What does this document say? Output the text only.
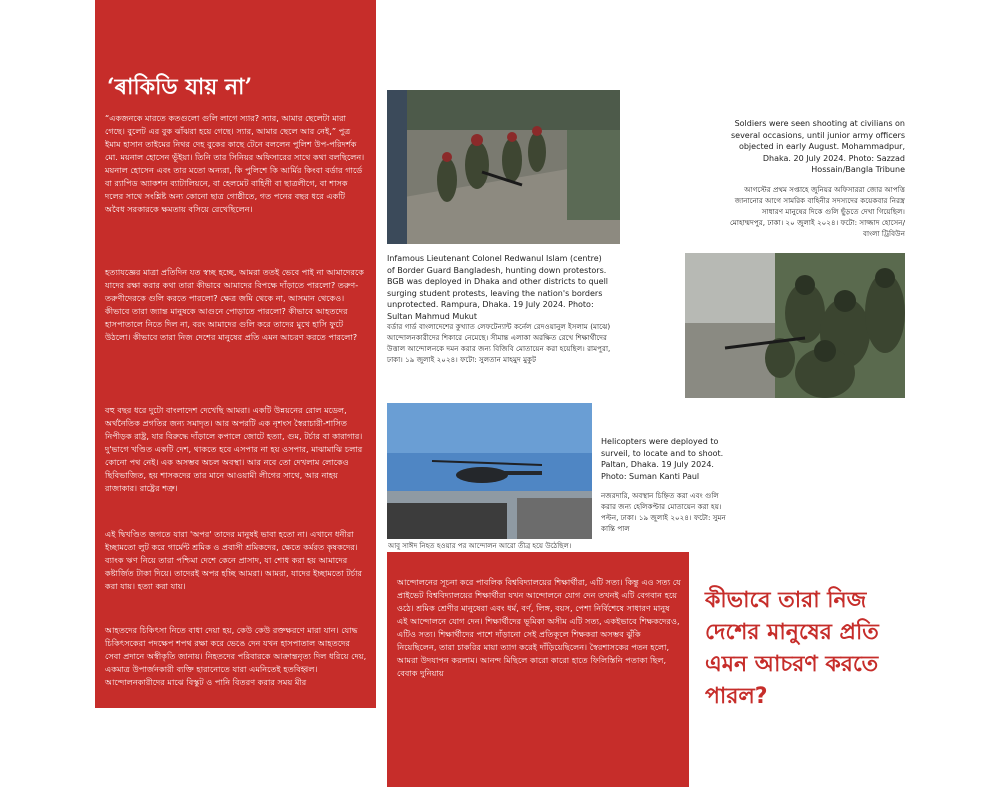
‘ৰাকিডি যায় না’

“একজনকে মারতে কতগুলো গুলি লাগে স্যার? স্যার, আমার ছেলেটা মারা গেছে। বুলেট এর বুক ঝাঁঝরা হয়ে গেছে। স্যার, আমার ছেলে আর নেই,” পুত্র ইমাম হাসান তাইমের নিথর দেহ বুকের কাছে টেনে বললেন পুলিশ উপ-পরিদর্শক মো. ময়নাল হোসেন ভূঁইয়া। তিনি তার সিনিয়র অফিসারের সাথে কথা বলছিলেন। ময়নাল হোসেন এবং তার মতো অন্যরা, কি পুলিশে কি আর্মির কিংবা বর্ডার গার্ডে বা র‍্যাপিড অ্যাকশন ব্যাটালিয়নে, বা হেলমেট বাহিনী বা ছাত্রলীগে, বা শাসক দলের সাথে সংশ্লিষ্ট অন্য কোনো ছাত্র গোষ্ঠীতে, গত পনের বছর ধরে একটি অবৈধ সরকারকে ক্ষমতায় বসিয়ে রেখেছিলেন।

হত্যাযজ্ঞের মাত্রা প্রতিদিন যত স্বচ্ছ হচ্ছে, আমরা ততই ভেবে পাই না আমাদেরকে যাদের রক্ষা করার কথা তারা কীভাবে আমাদের বিপক্ষে দাঁড়াতে পারলো? তরুণ-তরুণীদেরকে গুলি করতে পারলো? ক্ষেত্র জমি থেকে না, আসমান থেকেও। কীভাবে তারা জ্যান্ত মানুষকে আগুনে পোড়াতে পারলো? কীভাবে আহতদের হাসপাতালে নিতে দিল না, বরং আমাদের গুলি করে তাদের মুখে হাসি ফুটে উঠলো। কীভাবে তারা নিজ দেশের মানুষের প্রতি এমন আচরণ করতে পারলো?

বহু বছর ধরে দুটো বাংলাদেশ দেখেছি আমরা। একটি উন্নয়নের রোল মডেল, অর্থনৈতিক প্রগতির জন্য সমাদৃত। আর অপরটি এক নৃশংস স্বৈরাচারী-শাসিত নিপীড়ক রাষ্ট্র, যার বিরুদ্ধে দাঁড়ালে কপালে জোটে হত্যা, গুম, টর্চার বা কারাগার। দু'ভাগে খণ্ডিত একটি দেশ, থাকতে হবে এসপার না হয় ওসপার, মাঝামাঝি চলার কোনো পথ নেই। এক অসম্ভব অচল অবস্থা। আর নবে তো দেখলাম লোকেও ছিবিভাজিত, হয় শাসকদের তার মানে আওয়ামী লীগের সাথে, আর নাহয় রাজাকার। রাষ্ট্রের শত্রু।

এই দ্বিখণ্ডিত জগতে যারা 'অপর' তাদের মানুষই ভাবা হতো না। এখানে ধনীরা ইচ্ছামতো লুট করে গার্মেন্ট শ্রমিক ও প্রবাসী শ্রমিকদের, ক্ষেতে কর্মরত কৃষকদের। ব্যাংক ঋণ নিয়ে তারা পশ্চিমা দেশে কেনে প্রাসাদ, যা শোধ করা হয় আমাদের কষ্টার্জিত টাকা দিয়ে। তাদেরই অপর হচ্ছি আমরা। আমরা, যাদের ইচ্ছামতো টর্চার করা যায়। হত্যা করা যায়।

আহতদের চিকিৎসা নিতে বাধা দেয়া হয়, কেউ কেউ রক্তক্ষরণে মারা যান। যোদ্ধ চিকিৎসকেরা পদক্ষেপ শপথ রক্ষা করে ভেঙে দেন যখন হাসপাতাল আহতদের সেবা প্রদানে অস্বীকৃতি জানায়। নিহতদের পরিবারকে আক্রান্তনৃত্য দিল ধরিয়ে দেয়, একমাত্র উপার্জনকারী ব্যক্তি হারানোতে যারা এমনিতেই হতবিহ্বল। আন্দোলনকারীদের মাঝে বিস্কুট ও পানি বিতরণ করার সময় মীর

Infamous Lieutenant Colonel Redwanul Islam (centre) of Border Guard Bangladesh, hunting down protestors. BGB was deployed in Dhaka and other districts to quell surging student protests, leaving the nation's borders unprotected. Rampura, Dhaka. 19 July 2024. Photo: Sultan Mahmud Mukut

বর্ডার গার্ড বাংলাদেশের কুখ্যাত লেফটেন্যান্ট কর্নেল রেদওয়ানুল ইসলাম (মাঝে) আন্দোলনকারীদের শিকারে নেমেছে। সীমান্ত এলাকা অরক্ষিত রেখে শিক্ষার্থীদের উত্তাল আন্দোলনকে দমন করার জন্য বিজিবি মোতায়েন করা হয়েছিল। রামপুরা, ঢাকা। ১৯ জুলাই ২০২৪। ফটো: সুলতান মাহমুদ মুকুট

Soldiers were seen shooting at civilians on several occasions, until junior army officers objected in early August. Mohammadpur, Dhaka. 20 July 2024. Photo: Sazzad Hossain/Bangla Tribune

আগস্টের প্রথম সপ্তাহে জুনিয়র অফিসাররা জোর আপত্তি জানানোর আগে সামরিক বাহিনীর সদস্যদের কয়েকবার নিরস্ত্র সাধারণ মানুষের দিকে গুলি ছুঁড়তে দেখা গিয়েছিল। মোহাম্মদপুর, ঢাকা। ২০ জুলাই ২০২৪। ফটো: সাজ্জাদ হোসেন/বাংলা ট্রিবিউন

Helicopters were deployed to surveil, to locate and to shoot. Paltan, Dhaka. 19 July 2024. Photo: Suman Kanti Paul

নজরদারি, অবস্থান চিহ্নিত করা এবং গুলি করার জন্য হেলিকপ্টার মোতায়েন করা হয়। পল্টন, ঢাকা। ১৯ জুলাই ২০২৪। ফটো: সুমন কান্তি পাল

আবু সাঈদ নিহত হওয়ার পর আন্দোলন আরো তীব্র হয়ে উঠেছিল।

আন্দোলনের সূচনা করে পাবলিক বিশ্ববিদ্যালয়ের শিক্ষার্থীরা, এটি সত্য। কিন্তু এও সত্য যে প্রাইভেট বিশ্ববিদ্যালয়ের শিক্ষার্থীরা যখন আন্দোলনে যোগ দেন তখনই এটি বেগবান হয়ে ওঠে। শ্রমিক শ্রেণীর মানুষেরা এবং ধর্ম, বর্ণ, লিঙ্গ, বয়স, পেশা নির্বিশেষে সাধারণ মানুষ এই আন্দোলনে যোগ দেন। শিক্ষার্থীদের ভূমিকা অসীম এটি সত্য, একইভাবে শিক্ষকদেরও, এটিও সত্য। শিক্ষার্থীদের পাশে দাঁড়ানো সেই প্রতিকূলে শিক্ষকরা অসম্ভব ঝুঁকি নিয়েছিলেন, তারা চাকরির মায়া ত্যাগ করেই দাঁড়িয়েছিলেন। স্বৈরশাসকের পতন হলো, আমরা উদযাপন করলাম। আনন্দ মিছিলে কারো কারো হাতে ফিলিস্তিনি পতাকা ছিল, বেবাক দুনিয়ায়

কীভাবে তারা নিজ দেশের মানুষের প্রতি এমন আচরণ করতে পারল?
